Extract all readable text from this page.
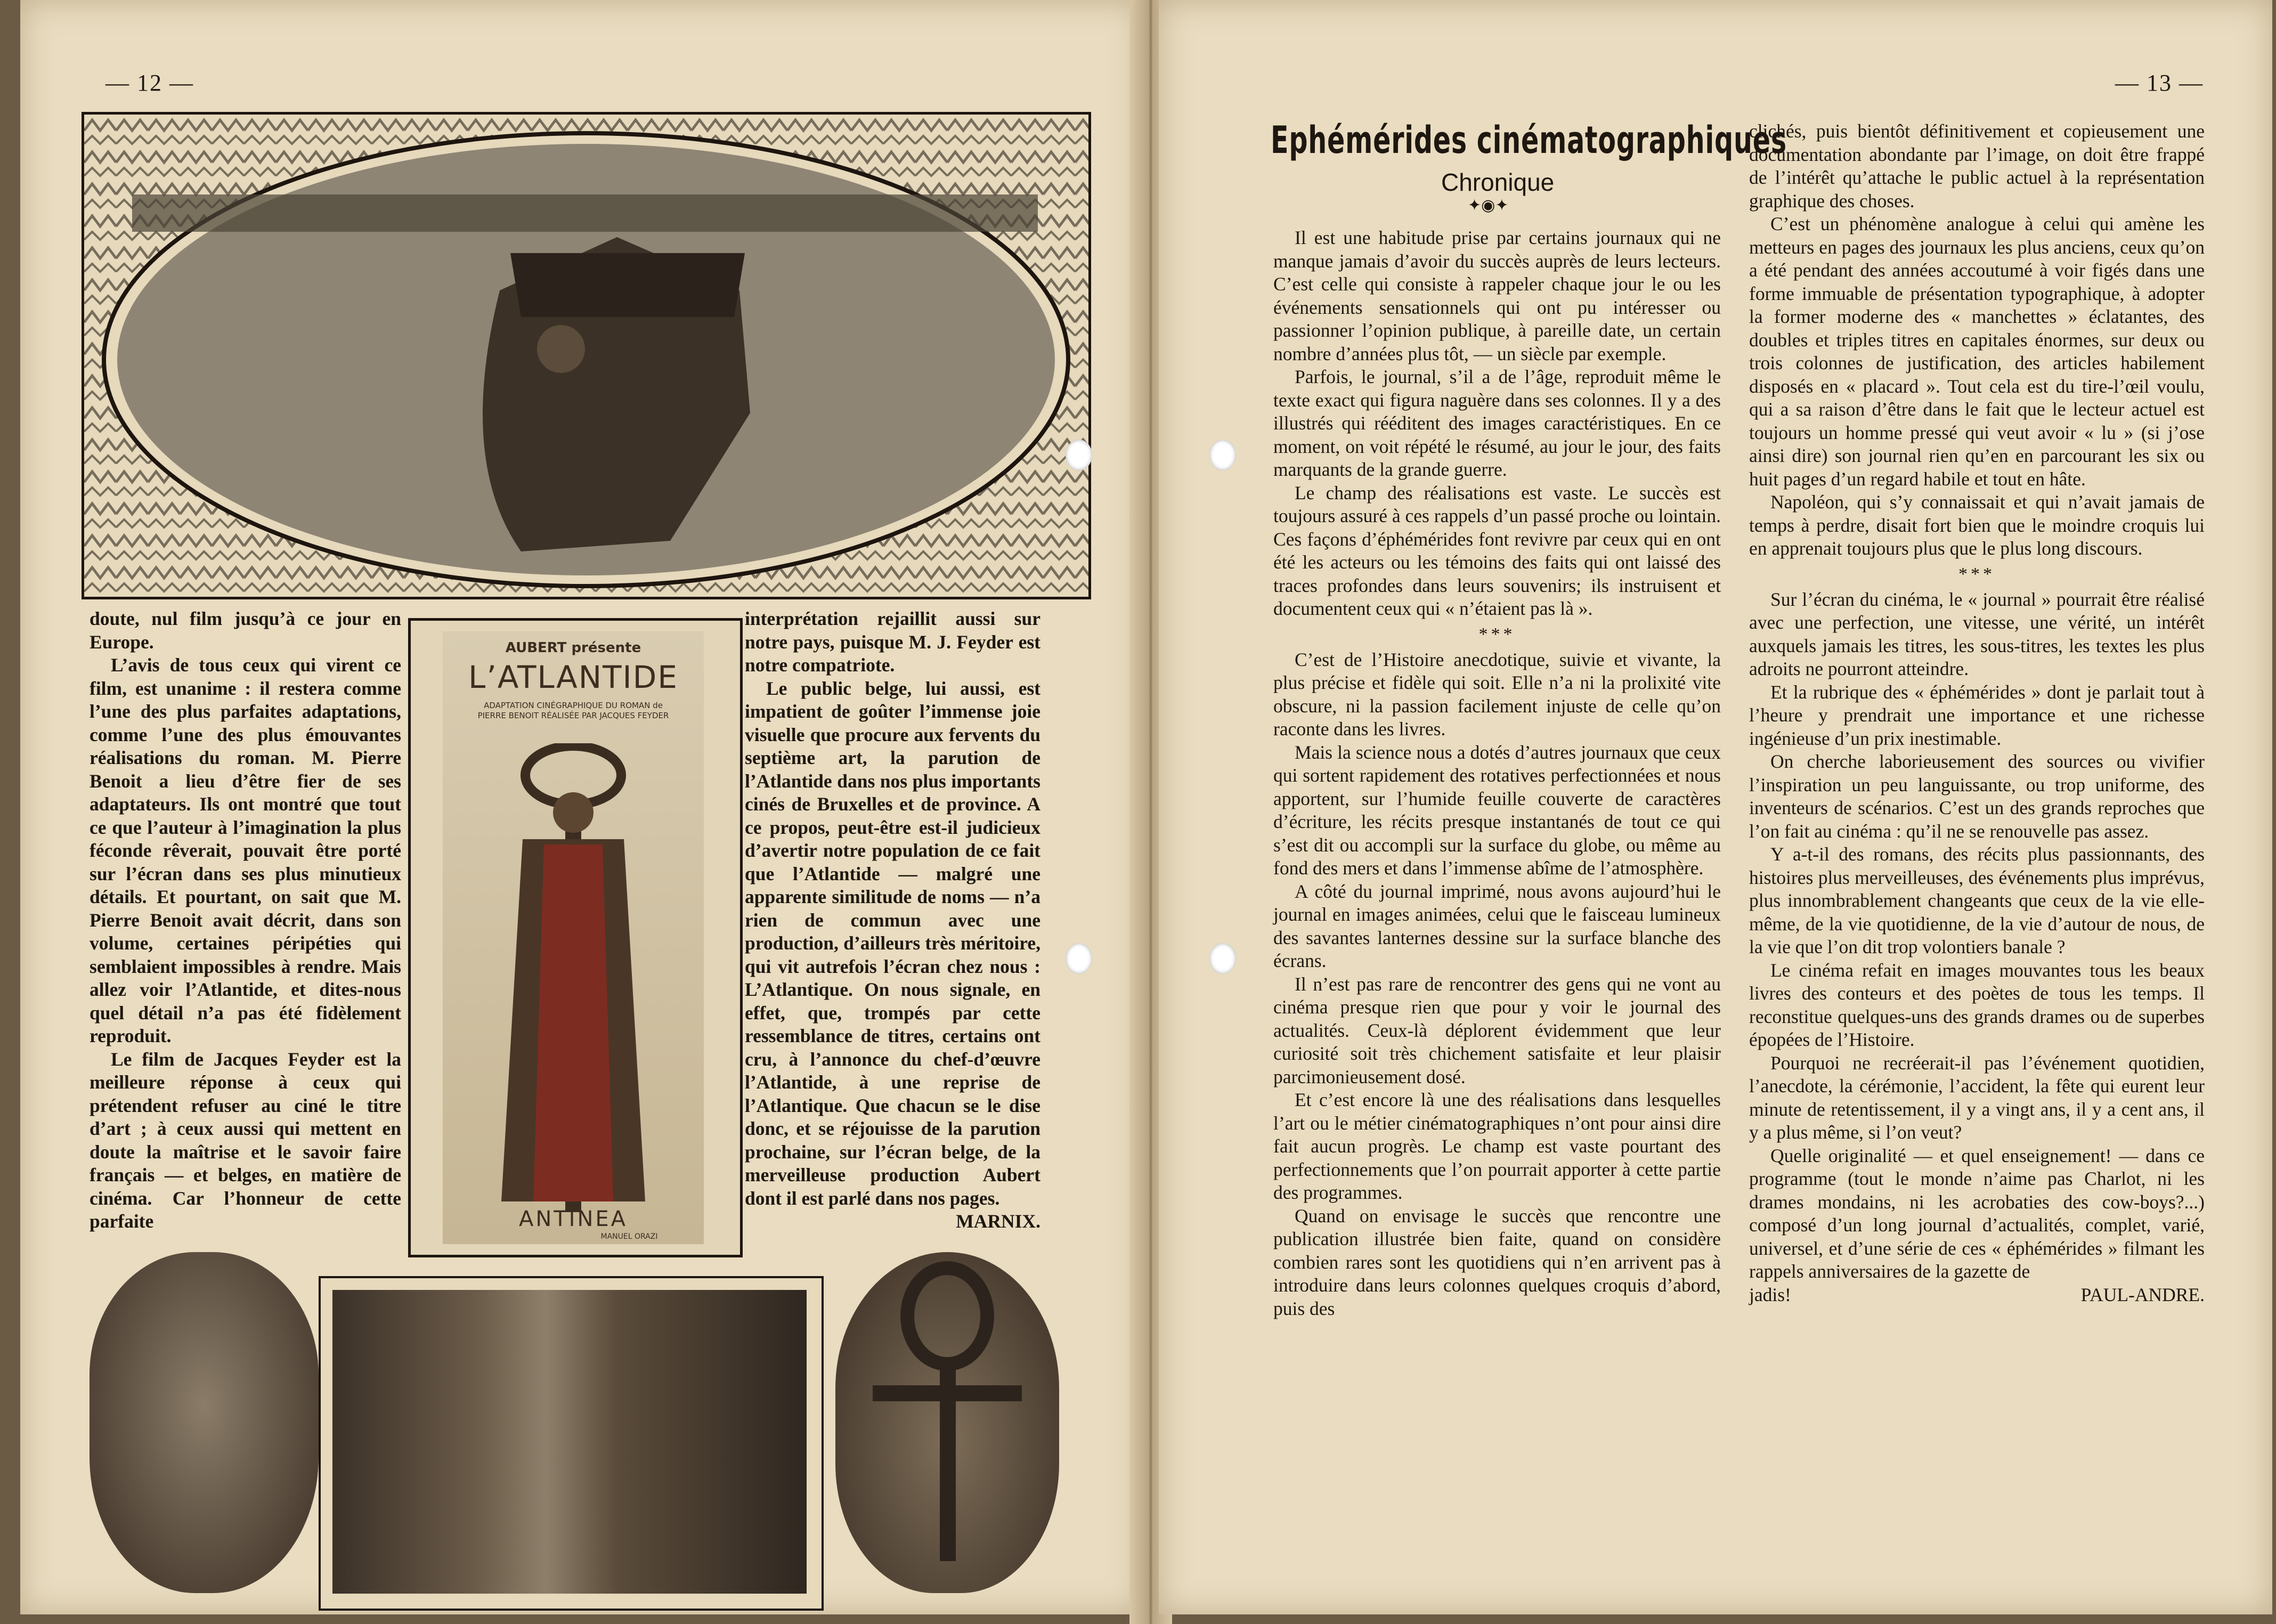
— 12 —

doute, nul film jusqu’à ce jour en Europe.

L’avis de tous ceux qui virent ce film, est unanime : il restera comme l’une des plus parfaites adaptations, comme l’une des plus émouvantes réalisations du roman. M. Pierre Benoit a lieu d’être fier de ses adaptateurs. Ils ont montré que tout ce que l’auteur à l’imagination la plus féconde rêverait, pouvait être porté sur l’écran dans ses plus minutieux détails. Et pourtant, on sait que M. Pierre Benoit avait décrit, dans son volume, certaines péripéties qui semblaient impossibles à rendre. Mais allez voir l’Atlantide, et dites-nous quel détail n’a pas été fidèlement reproduit.

Le film de Jacques Feyder est la meilleure réponse à ceux qui prétendent refuser au ciné le titre d’art ; à ceux aussi qui mettent en doute la maîtrise et le savoir faire français — et belges, en matière de cinéma. Car l’honneur de cette parfaite

AUBERT présente
L’ATLANTIDE
ADAPTATION CINÉGRAPHIQUE DU ROMAN de PIERRE BENOIT RÉALISÉE PAR JACQUES FEYDER
ANTINEA
MANUEL ORAZI

interprétation rejaillit aussi sur notre pays, puisque M. J. Feyder est notre compatriote.

Le public belge, lui aussi, est impatient de goûter l’immense joie visuelle que procure aux fervents du septième art, la parution de l’Atlantide dans nos plus importants cinés de Bruxelles et de province. A ce propos, peut-être est-il judicieux d’avertir notre population de ce fait que l’Atlantide — malgré une apparente similitude de noms — n’a rien de commun avec une production, d’ailleurs très méritoire, qui vit autrefois l’écran chez nous : L’Atlantique. On nous signale, en effet, que, trompés par cette ressemblance de titres, certains ont cru, à l’annonce du chef-d’œuvre l’Atlantide, à une reprise de l’Atlantique. Que chacun se le dise donc, et se réjouisse de la parution prochaine, sur l’écran belge, de la merveilleuse production Aubert dont il est parlé dans nos pages.

MARNIX.

— 13 —
Ephémérides cinématographiques
Chronique
✦◉✦

Il est une habitude prise par certains journaux qui ne manque jamais d’avoir du succès auprès de leurs lecteurs. C’est celle qui consiste à rappeler chaque jour le ou les événements sensationnels qui ont pu intéresser ou passionner l’opinion publique, à pareille date, un certain nombre d’années plus tôt, — un siècle par exemple.

Parfois, le journal, s’il a de l’âge, reproduit même le texte exact qui figura naguère dans ses colonnes. Il y a des illustrés qui rééditent des images caractéristiques. En ce moment, on voit répété le résumé, au jour le jour, des faits marquants de la grande guerre.

Le champ des réalisations est vaste. Le succès est toujours assuré à ces rappels d’un passé proche ou lointain. Ces façons d’éphémérides font revivre par ceux qui en ont été les acteurs ou les témoins des faits qui ont laissé des traces profondes dans leurs souvenirs; ils instruisent et documentent ceux qui « n’étaient pas là ».

***

C’est de l’Histoire anecdotique, suivie et vivante, la plus précise et fidèle qui soit. Elle n’a ni la prolixité vite obscure, ni la passion facilement injuste de celle qu’on raconte dans les livres.

Mais la science nous a dotés d’autres journaux que ceux qui sortent rapidement des rotatives perfectionnées et nous apportent, sur l’humide feuille couverte de caractères d’écriture, les récits presque instantanés de tout ce qui s’est dit ou accompli sur la surface du globe, ou même au fond des mers et dans l’immense abîme de l’atmosphère.

A côté du journal imprimé, nous avons aujourd’hui le journal en images animées, celui que le faisceau lumineux des savantes lanternes dessine sur la surface blanche des écrans.

Il n’est pas rare de rencontrer des gens qui ne vont au cinéma presque rien que pour y voir le journal des actualités. Ceux-là déplorent évidemment que leur curiosité soit très chichement satisfaite et leur plaisir parcimonieusement dosé.

Et c’est encore là une des réalisations dans lesquelles l’art ou le métier cinématographiques n’ont pour ainsi dire fait aucun progrès. Le champ est vaste pourtant des perfectionnements que l’on pourrait apporter à cette partie des programmes.

Quand on envisage le succès que rencontre une publication illustrée bien faite, quand on considère combien rares sont les quotidiens qui n’en arrivent pas à introduire dans leurs colonnes quelques croquis d’abord, puis des

clichés, puis bientôt définitivement et copieusement une documentation abondante par l’image, on doit être frappé de l’intérêt qu’attache le public actuel à la représentation graphique des choses.

C’est un phénomène analogue à celui qui amène les metteurs en pages des journaux les plus anciens, ceux qu’on a été pendant des années accoutumé à voir figés dans une forme immuable de présentation typographique, à adopter la former moderne des « manchettes » éclatantes, des doubles et triples titres en capitales énormes, sur deux ou trois colonnes de justification, des articles habilement disposés en « placard ». Tout cela est du tire-l’œil voulu, qui a sa raison d’être dans le fait que le lecteur actuel est toujours un homme pressé qui veut avoir « lu » (si j’ose ainsi dire) son journal rien qu’en en parcourant les six ou huit pages d’un regard habile et tout en hâte.

Napoléon, qui s’y connaissait et qui n’avait jamais de temps à perdre, disait fort bien que le moindre croquis lui en apprenait toujours plus que le plus long discours.

***

Sur l’écran du cinéma, le « journal » pourrait être réalisé avec une perfection, une vitesse, une vérité, un intérêt auxquels jamais les titres, les sous-titres, les textes les plus adroits ne pourront atteindre.

Et la rubrique des « éphémérides » dont je parlait tout à l’heure y prendrait une importance et une richesse ingénieuse d’un prix inestimable.

On cherche laborieusement des sources ou vivifier l’inspiration un peu languissante, ou trop uniforme, des inventeurs de scénarios. C’est un des grands reproches que l’on fait au cinéma : qu’il ne se renouvelle pas assez.

Y a-t-il des romans, des récits plus passionnants, des histoires plus merveilleuses, des événements plus imprévus, plus innombrablement changeants que ceux de la vie elle-même, de la vie quotidienne, de la vie d’autour de nous, de la vie que l’on dit trop volontiers banale ?

Le cinéma refait en images mouvantes tous les beaux livres des conteurs et des poètes de tous les temps. Il reconstitue quelques-uns des grands drames ou de superbes épopées de l’Histoire.

Pourquoi ne recréerait-il pas l’événement quotidien, l’anecdote, la cérémonie, l’accident, la fête qui eurent leur minute de retentissement, il y a vingt ans, il y a cent ans, il y a plus même, si l’on veut?

Quelle originalité — et quel enseignement! — dans ce programme (tout le monde n’aime pas Charlot, ni les drames mondains, ni les acrobaties des cow-boys?...) composé d’un long journal d’actualités, complet, varié, universel, et d’une série de ces « éphémérides » filmant les rappels anniversaires de la gazette de

jadis!	PAUL-ANDRE.
